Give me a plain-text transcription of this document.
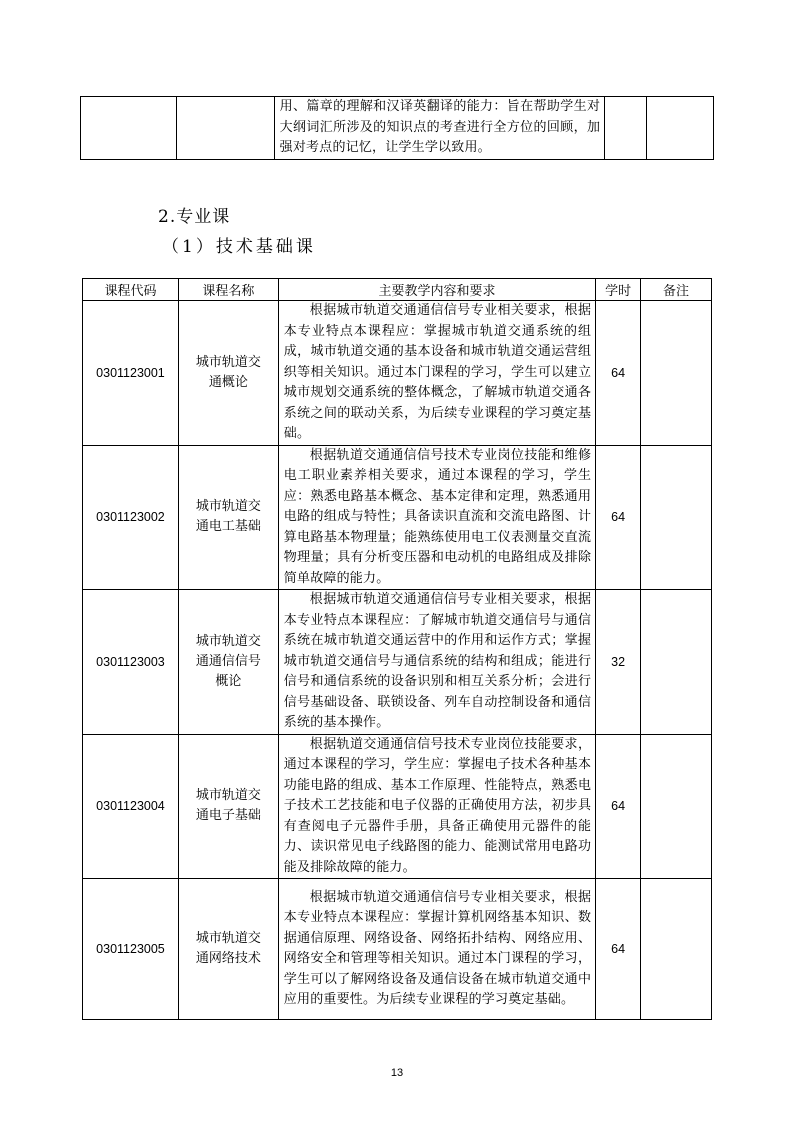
		用、篇章的理解和汉译英翻译的能力：旨在帮助学生对大纲词汇所涉及的知识点的考查进行全方位的回顾，加强对考点的记忆，让学生学以致用。		
2.专业课
（1）技术基础课
课程代码	课程名称	主要教学内容和要求	学时	备注
0301123001	城市轨道交通概论	根据城市轨道交通通信信号专业相关要求，根据本专业特点本课程应：掌握城市轨道交通系统的组成，城市轨道交通的基本设备和城市轨道交通运营组织等相关知识。通过本门课程的学习，学生可以建立城市规划交通系统的整体概念，了解城市轨道交通各系统之间的联动关系，为后续专业课程的学习奠定基础。	64	
0301123002	城市轨道交通电工基础	根据轨道交通通信信号技术专业岗位技能和维修电工职业素养相关要求，通过本课程的学习，学生应：熟悉电路基本概念、基本定律和定理，熟悉通用电路的组成与特性；具备读识直流和交流电路图、计算电路基本物理量；能熟练使用电工仪表测量交直流物理量；具有分析变压器和电动机的电路组成及排除简单故障的能力。	64	
0301123003	城市轨道交通通信信号概论	根据城市轨道交通通信信号专业相关要求，根据本专业特点本课程应：了解城市轨道交通信号与通信系统在城市轨道交通运营中的作用和运作方式；掌握城市轨道交通信号与通信系统的结构和组成；能进行信号和通信系统的设备识别和相互关系分析；会进行信号基础设备、联锁设备、列车自动控制设备和通信系统的基本操作。	32	
0301123004	城市轨道交通电子基础	根据轨道交通通信信号技术专业岗位技能要求，通过本课程的学习，学生应：掌握电子技术各种基本功能电路的组成、基本工作原理、性能特点，熟悉电子技术工艺技能和电子仪器的正确使用方法，初步具有查阅电子元器件手册，具备正确使用元器件的能力、读识常见电子线路图的能力、能测试常用电路功能及排除故障的能力。	64	
0301123005	城市轨道交通网络技术	根据城市轨道交通通信信号专业相关要求，根据本专业特点本课程应：掌握计算机网络基本知识、数据通信原理、网络设备、网络拓扑结构、网络应用、网络安全和管理等相关知识。通过本门课程的学习，学生可以了解网络设备及通信设备在城市轨道交通中应用的重要性。为后续专业课程的学习奠定基础。	64	
13
